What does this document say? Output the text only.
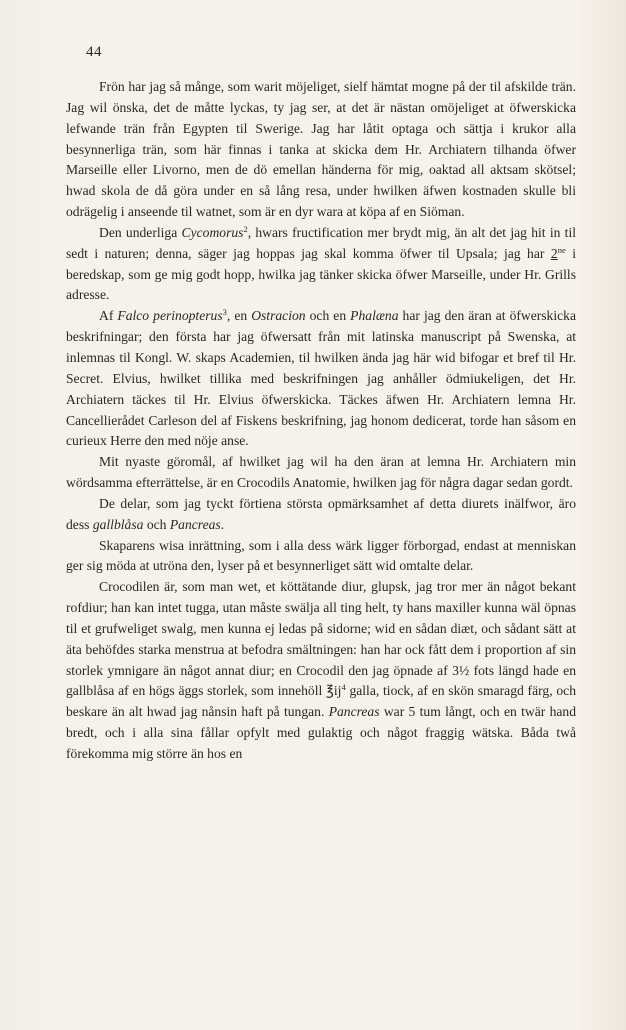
44

Frön har jag så månge, som warit möjeliget, sielf hämtat mogne på der til afskilde trän. Jag wil önska, det de måtte lyckas, ty jag ser, at det är nästan omöjeliget at öfwerskicka lefwande trän från Egypten til Swerige. Jag har låtit optaga och sättja i krukor alla besynnerliga trän, som här finnas i tanka at skicka dem Hr. Archiatern tilhanda öfwer Marseille eller Livorno, men de dö emellan händerna för mig, oaktad all aktsam skötsel; hwad skola de då göra under en så lång resa, under hwilken äfwen kostnaden skulle bli odrägelig i anseende til watnet, som är en dyr wara at köpa af en Siöman.

Den underliga Cycomorus$^2$, hwars fructification mer brydt mig, än alt det jag hit in til sedt i naturen; denna, säger jag hoppas jag skal komma öfwer til Upsala; jag har $2^{ne}$ i beredskap, som ge mig godt hopp, hwilka jag tänker skicka öfwer Marseille, under Hr. Grills adresse.

Af Falco perinopterus$^3$, en Ostracion och en Phalæna har jag den äran at öfwerskicka beskrifningar; den första har jag öfwersatt från mit latinska manuscript på Swenska, at inlemnas til Kongl. W. skaps Academien, til hwilken ända jag här wid bifogar et bref til Hr. Secret. Elvius, hwilket tillika med beskrifningen jag anhåller ödmiukeligen, det Hr. Archiatern täckes til Hr. Elvius öfwerskicka. Täckes äfwen Hr. Archiatern lemna Hr. Cancellierådet Carleson del af Fiskens beskrifning, jag honom dedicerat, torde han såsom en curieux Herre den med nöje anse.

Mit nyaste göromål, af hwilket jag wil ha den äran at lemna Hr. Archiatern min wördsamma efterrättelse, är en Crocodils Anatomie, hwilken jag för några dagar sedan gordt.

De delar, som jag tyckt förtiena största opmärksamhet af detta diurets inälfwor, äro dess gallblåsa och Pancreas.

Skaparens wisa inrättning, som i alla dess wärk ligger förborgad, endast at menniskan ger sig möda at utröna den, lyser på et besynnerliget sätt wid omtalte delar.

Crocodilen är, som man wet, et köttätande diur, glupsk, jag tror mer än något bekant rofdiur; han kan intet tugga, utan måste swälja all ting helt, ty hans maxiller kunna wäl öpnas til et grufweliget swalg, men kunna ej ledas på sidorne; wid en sådan diæt, och sådant sätt at äta behöfdes starka menstrua at befodra smältningen: han har ock fått dem i proportion af sin storlek ymnigare än något annat diur; en Crocodil den jag öpnade af 3½ fots längd hade en gallblåsa af en högs äggs storlek, som innehöll $℥ij^4$ galla, tiock, af en skön smaragd färg, och beskare än alt hwad jag nånsin haft på tungan. Pancreas war 5 tum långt, och en twär hand bredt, och i alla sina fållar opfylt med gulaktig och något fraggig wätska. Båda twå förekomma mig större än hos en
